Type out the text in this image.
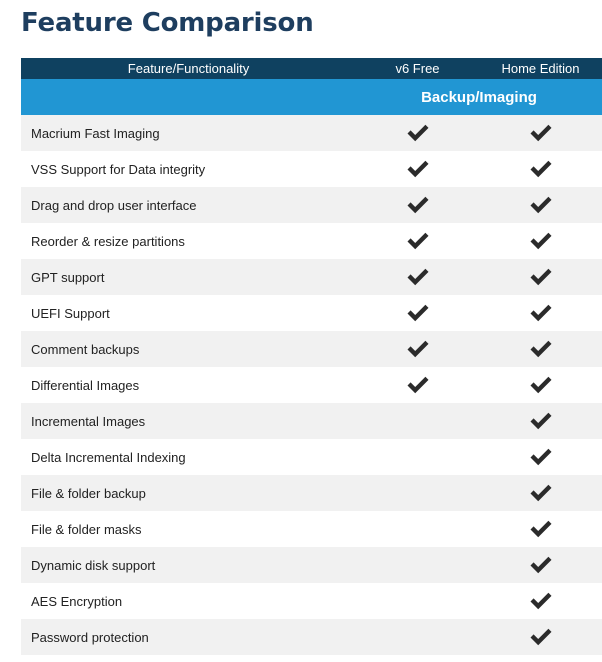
Feature Comparison
Feature/Functionality	v6 Free	Home Edition
Backup/Imaging
Macrium Fast Imaging
VSS Support for Data integrity
Drag and drop user interface
Reorder & resize partitions
GPT support
UEFI Support
Comment backups
Differential Images
Incremental Images
Delta Incremental Indexing
File & folder backup
File & folder masks
Dynamic disk support
AES Encryption
Password protection
